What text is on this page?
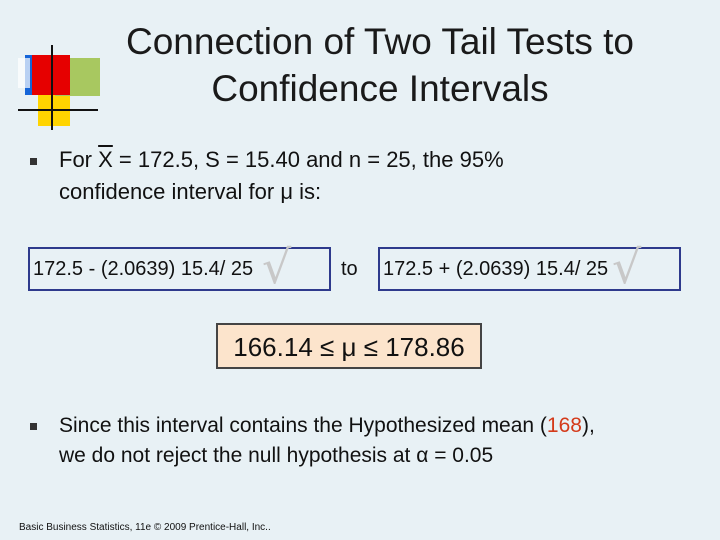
Connection of Two Tail Tests to
Confidence Intervals
For $\overline{X} = 172.5$, S = 15.40 and n = 25, the 95%
confidence interval for μ is:
172.5 - (2.0639) 15.4/ 25 √ to 172.5 + (2.0639) 15.4/ 25 √
166.14 ≤ μ ≤ 178.86
Since this interval contains the Hypothesized mean (168),
we do not reject the null hypothesis at α = 0.05
Basic Business Statistics, 11e © 2009 Prentice-Hall, Inc..
